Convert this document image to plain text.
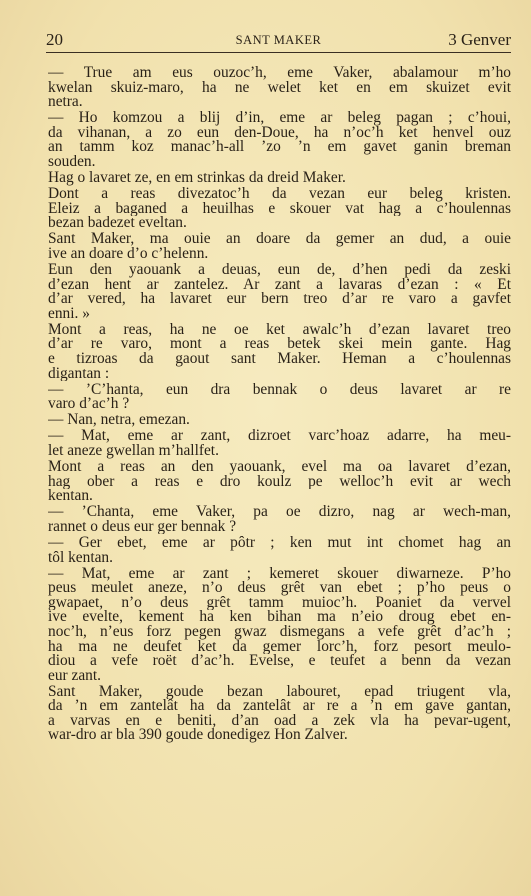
20	SANT MAKER	3 Genver
— True am eus ouzoc’h, eme Vaker, abalamour m’ho
kwelan skuiz-maro, ha ne welet ket en em skuizet evit
netra.
— Ho komzou a blij d’in, eme ar beleg pagan ; c’houi,
da vihanan, a zo eun den-Doue, ha n’oc’h ket henvel ouz
an tamm koz manac’h-all ’zo ’n em gavet ganin breman
souden.
Hag o lavaret ze, en em strinkas da dreid Maker.
Dont a reas divezatoc’h da vezan eur beleg kristen.
Eleiz a baganed a heuilhas e skouer vat hag a c’houlennas
bezan badezet eveltan.
Sant Maker, ma ouie an doare da gemer an dud, a ouie
ive an doare d’o c’helenn.
Eun den yaouank a deuas, eun de, d’hen pedi da zeski
d’ezan hent ar zantelez. Ar zant a lavaras d’ezan : « Et
d’ar vered, ha lavaret eur bern treo d’ar re varo a gavfet
enni. »
Mont a reas, ha ne oe ket awalc’h d’ezan lavaret treo
d’ar re varo, mont a reas betek skei mein gante. Hag
e tizroas da gaout sant Maker. Heman a c’houlennas
digantan :
— ’C’hanta, eun dra bennak o deus lavaret ar re
varo d’ac’h ?
— Nan, netra, emezan.
— Mat, eme ar zant, dizroet varc’hoaz adarre, ha meu-
let aneze gwellan m’hallfet.
Mont a reas an den yaouank, evel ma oa lavaret d’ezan,
hag ober a reas e dro koulz pe welloc’h evit ar wech
kentan.
— ’Chanta, eme Vaker, pa oe dizro, nag ar wech-man,
rannet o deus eur ger bennak ?
— Ger ebet, eme ar pôtr ; ken mut int chomet hag an
tôl kentan.
— Mat, eme ar zant ; kemeret skouer diwarneze. P’ho
peus meulet aneze, n’o deus grêt van ebet ; p’ho peus o
gwapaet, n’o deus grêt tamm muioc’h. Poaniet da vervel
ive evelte, kement ha ken bihan ma n’eio droug ebet en-
noc’h, n’eus forz pegen gwaz dismegans a vefe grêt d’ac’h ;
ha ma ne deufet ket da gemer lorc’h, forz pesort meulo-
diou a vefe roët d’ac’h. Evelse, e teufet a benn da vezan
eur zant.
Sant Maker, goude bezan labouret, epad triugent vla,
da ’n em zantelât ha da zantelât ar re a ’n em gave gantan,
a varvas en e beniti, d’an oad a zek vla ha pevar-ugent,
war-dro ar bla 390 goude donedigez Hon Zalver.
